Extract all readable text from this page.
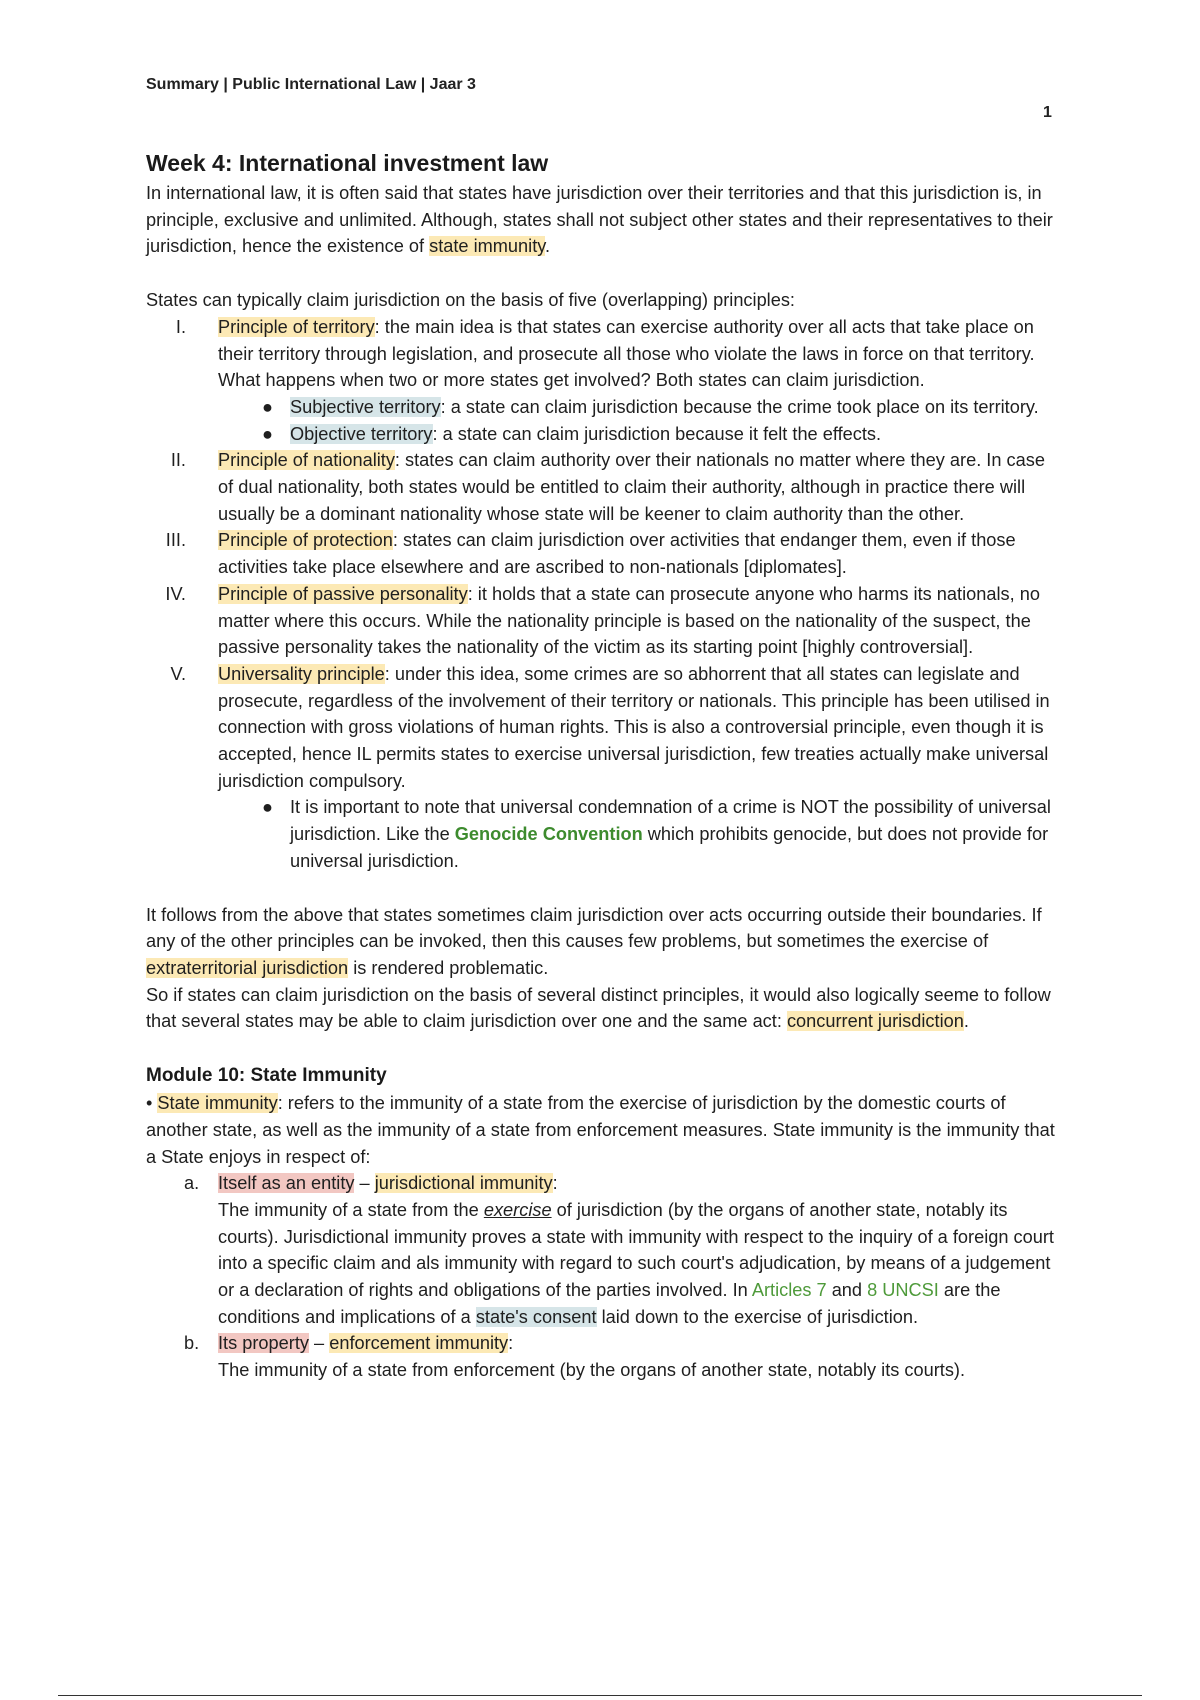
Summary | Public International Law | Jaar 3
1
Week 4: International investment law

In international law, it is often said that states have jurisdiction over their territories and that this jurisdiction is, in principle, exclusive and unlimited. Although, states shall not subject other states and their representatives to their jurisdiction, hence the existence of state immunity.

States can typically claim jurisdiction on the basis of five (overlapping) principles:

I. Principle of territory: the main idea is that states can exercise authority over all acts that take place on their territory through legislation, and prosecute all those who violate the laws in force on that territory. What happens when two or more states get involved? Both states can claim jurisdiction.
● Subjective territory: a state can claim jurisdiction because the crime took place on its territory.
● Objective territory: a state can claim jurisdiction because it felt the effects.
II. Principle of nationality: states can claim authority over their nationals no matter where they are. In case of dual nationality, both states would be entitled to claim their authority, although in practice there will usually be a dominant nationality whose state will be keener to claim authority than the other.
III. Principle of protection: states can claim jurisdiction over activities that endanger them, even if those activities take place elsewhere and are ascribed to non-nationals [diplomates].
IV. Principle of passive personality: it holds that a state can prosecute anyone who harms its nationals, no matter where this occurs. While the nationality principle is based on the nationality of the suspect, the passive personality takes the nationality of the victim as its starting point [highly controversial].
V. Universality principle: under this idea, some crimes are so abhorrent that all states can legislate and prosecute, regardless of the involvement of their territory or nationals. This principle has been utilised in connection with gross violations of human rights. This is also a controversial principle, even though it is accepted, hence IL permits states to exercise universal jurisdiction, few treaties actually make universal jurisdiction compulsory.
● It is important to note that universal condemnation of a crime is NOT the possibility of universal jurisdiction. Like the Genocide Convention which prohibits genocide, but does not provide for universal jurisdiction.

It follows from the above that states sometimes claim jurisdiction over acts occurring outside their boundaries. If any of the other principles can be invoked, then this causes few problems, but sometimes the exercise of extraterritorial jurisdiction is rendered problematic.

So if states can claim jurisdiction on the basis of several distinct principles, it would also logically seeme to follow that several states may be able to claim jurisdiction over one and the same act: concurrent jurisdiction.

Module 10: State Immunity

• State immunity: refers to the immunity of a state from the exercise of jurisdiction by the domestic courts of another state, as well as the immunity of a state from enforcement measures. State immunity is the immunity that a State enjoys in respect of:

a. Itself as an entity – jurisdictional immunity:
The immunity of a state from the exercise of jurisdiction (by the organs of another state, notably its courts). Jurisdictional immunity proves a state with immunity with respect to the inquiry of a foreign court into a specific claim and als immunity with regard to such court's adjudication, by means of a judgement or a declaration of rights and obligations of the parties involved. In Articles 7 and 8 UNCSI are the conditions and implications of a state's consent laid down to the exercise of jurisdiction.
b. Its property – enforcement immunity:
The immunity of a state from enforcement (by the organs of another state, notably its courts).
